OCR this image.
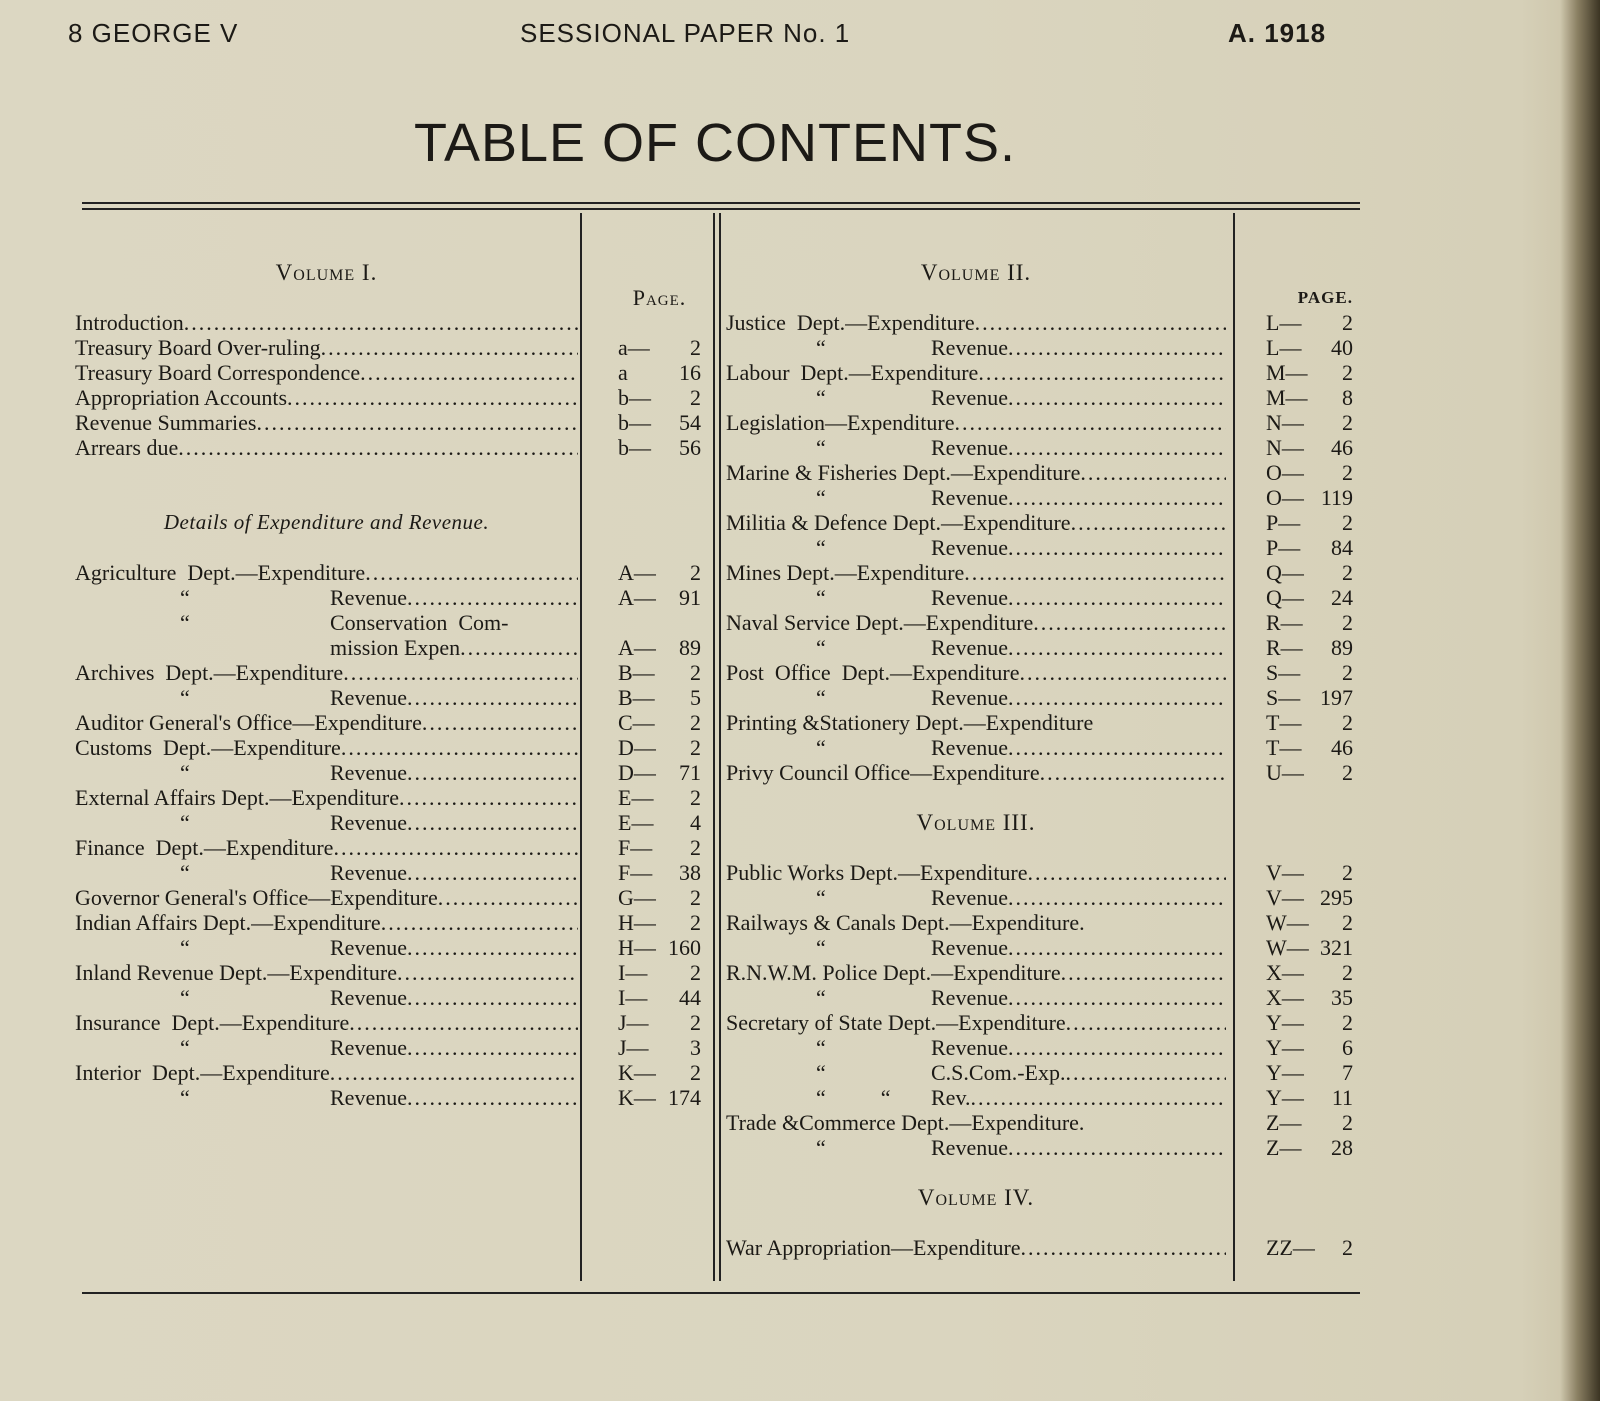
8 GEORGE V	SESSIONAL PAPER No. 1	A. 1918
TABLE OF CONTENTS.
Volume I.
Page.
Introduction
.....
Treasury Board Over-ruling .....	a— 2
Treasury Board Correspondence .....	a 16
Appropriation Accounts .....	b— 2
Revenue Summaries .....	b— 54
Arrears due .....	b— 56
Details of Expenditure and Revenue.
Agriculture  Dept.—Expenditure .....	A— 2
“	Revenue .....	A— 91
“	Conservation  Com-
mission Expen .....	A— 89
Archives  Dept.—Expenditure .....	B— 2
“	Revenue .....	B— 5
Auditor General's Office—Expenditure .....	C— 2
Customs  Dept.—Expenditure .....	D— 2
“	Revenue .....	D— 71
External Affairs Dept.—Expenditure .....	E— 2
“	Revenue .....	E— 4
Finance  Dept.—Expenditure .....	F— 2
“	Revenue .....	F— 38
Governor General's Office—Expenditure .....	G— 2
Indian Affairs Dept.—Expenditure .....	H— 2
“	Revenue .....	H— 160
Inland Revenue Dept.—Expenditure .....	I— 2
“	Revenue .....	I— 44
Insurance  Dept.—Expenditure .....	J— 2
“	Revenue .....	J— 3
Interior  Dept.—Expenditure .....	K— 2
“	Revenue .....	K— 174
Volume II.
PAGE.
Justice  Dept.—Expenditure .....	L— 2
“	Revenue .....	L— 40
Labour  Dept.—Expenditure .....	M— 2
“	Revenue .....	M— 8
Legislation—Expenditure .....	N— 2
“	Revenue .....	N— 46
Marine & Fisheries Dept.—Expenditure .....	O— 2
“	Revenue .....	O— 119
Militia & Defence Dept.—Expenditure .....	P— 2
“	Revenue .....	P— 84
Mines Dept.—Expenditure .....	Q— 2
“	Revenue .....	Q— 24
Naval Service Dept.—Expenditure .....	R— 2
“	Revenue .....	R— 89
Post  Office  Dept.—Expenditure .....	S— 2
“	Revenue .....	S— 197
Printing &Stationery Dept.—Expenditure	T— 2
“	Revenue .....	T— 46
Privy Council Office—Expenditure .....	U— 2
Volume III.
Public Works Dept.—Expenditure .....	V— 2
“	Revenue .....	V— 295
Railways & Canals Dept.—Expenditure.	W— 2
“	Revenue .....	W— 321
R.N.W.M. Police Dept.—Expenditure .....	X— 2
“	Revenue .....	X— 35
Secretary of State Dept.—Expenditure .....	Y— 2
“	Revenue .....	Y— 6
“	C.S.Com.-Exp. .....	Y— 7
“          “	Rev. .....	Y— 11
Trade &Commerce Dept.—Expenditure.	Z— 2
“	Revenue .....	Z— 28
Volume IV.
War Appropriation—Expenditure .....	ZZ— 2
